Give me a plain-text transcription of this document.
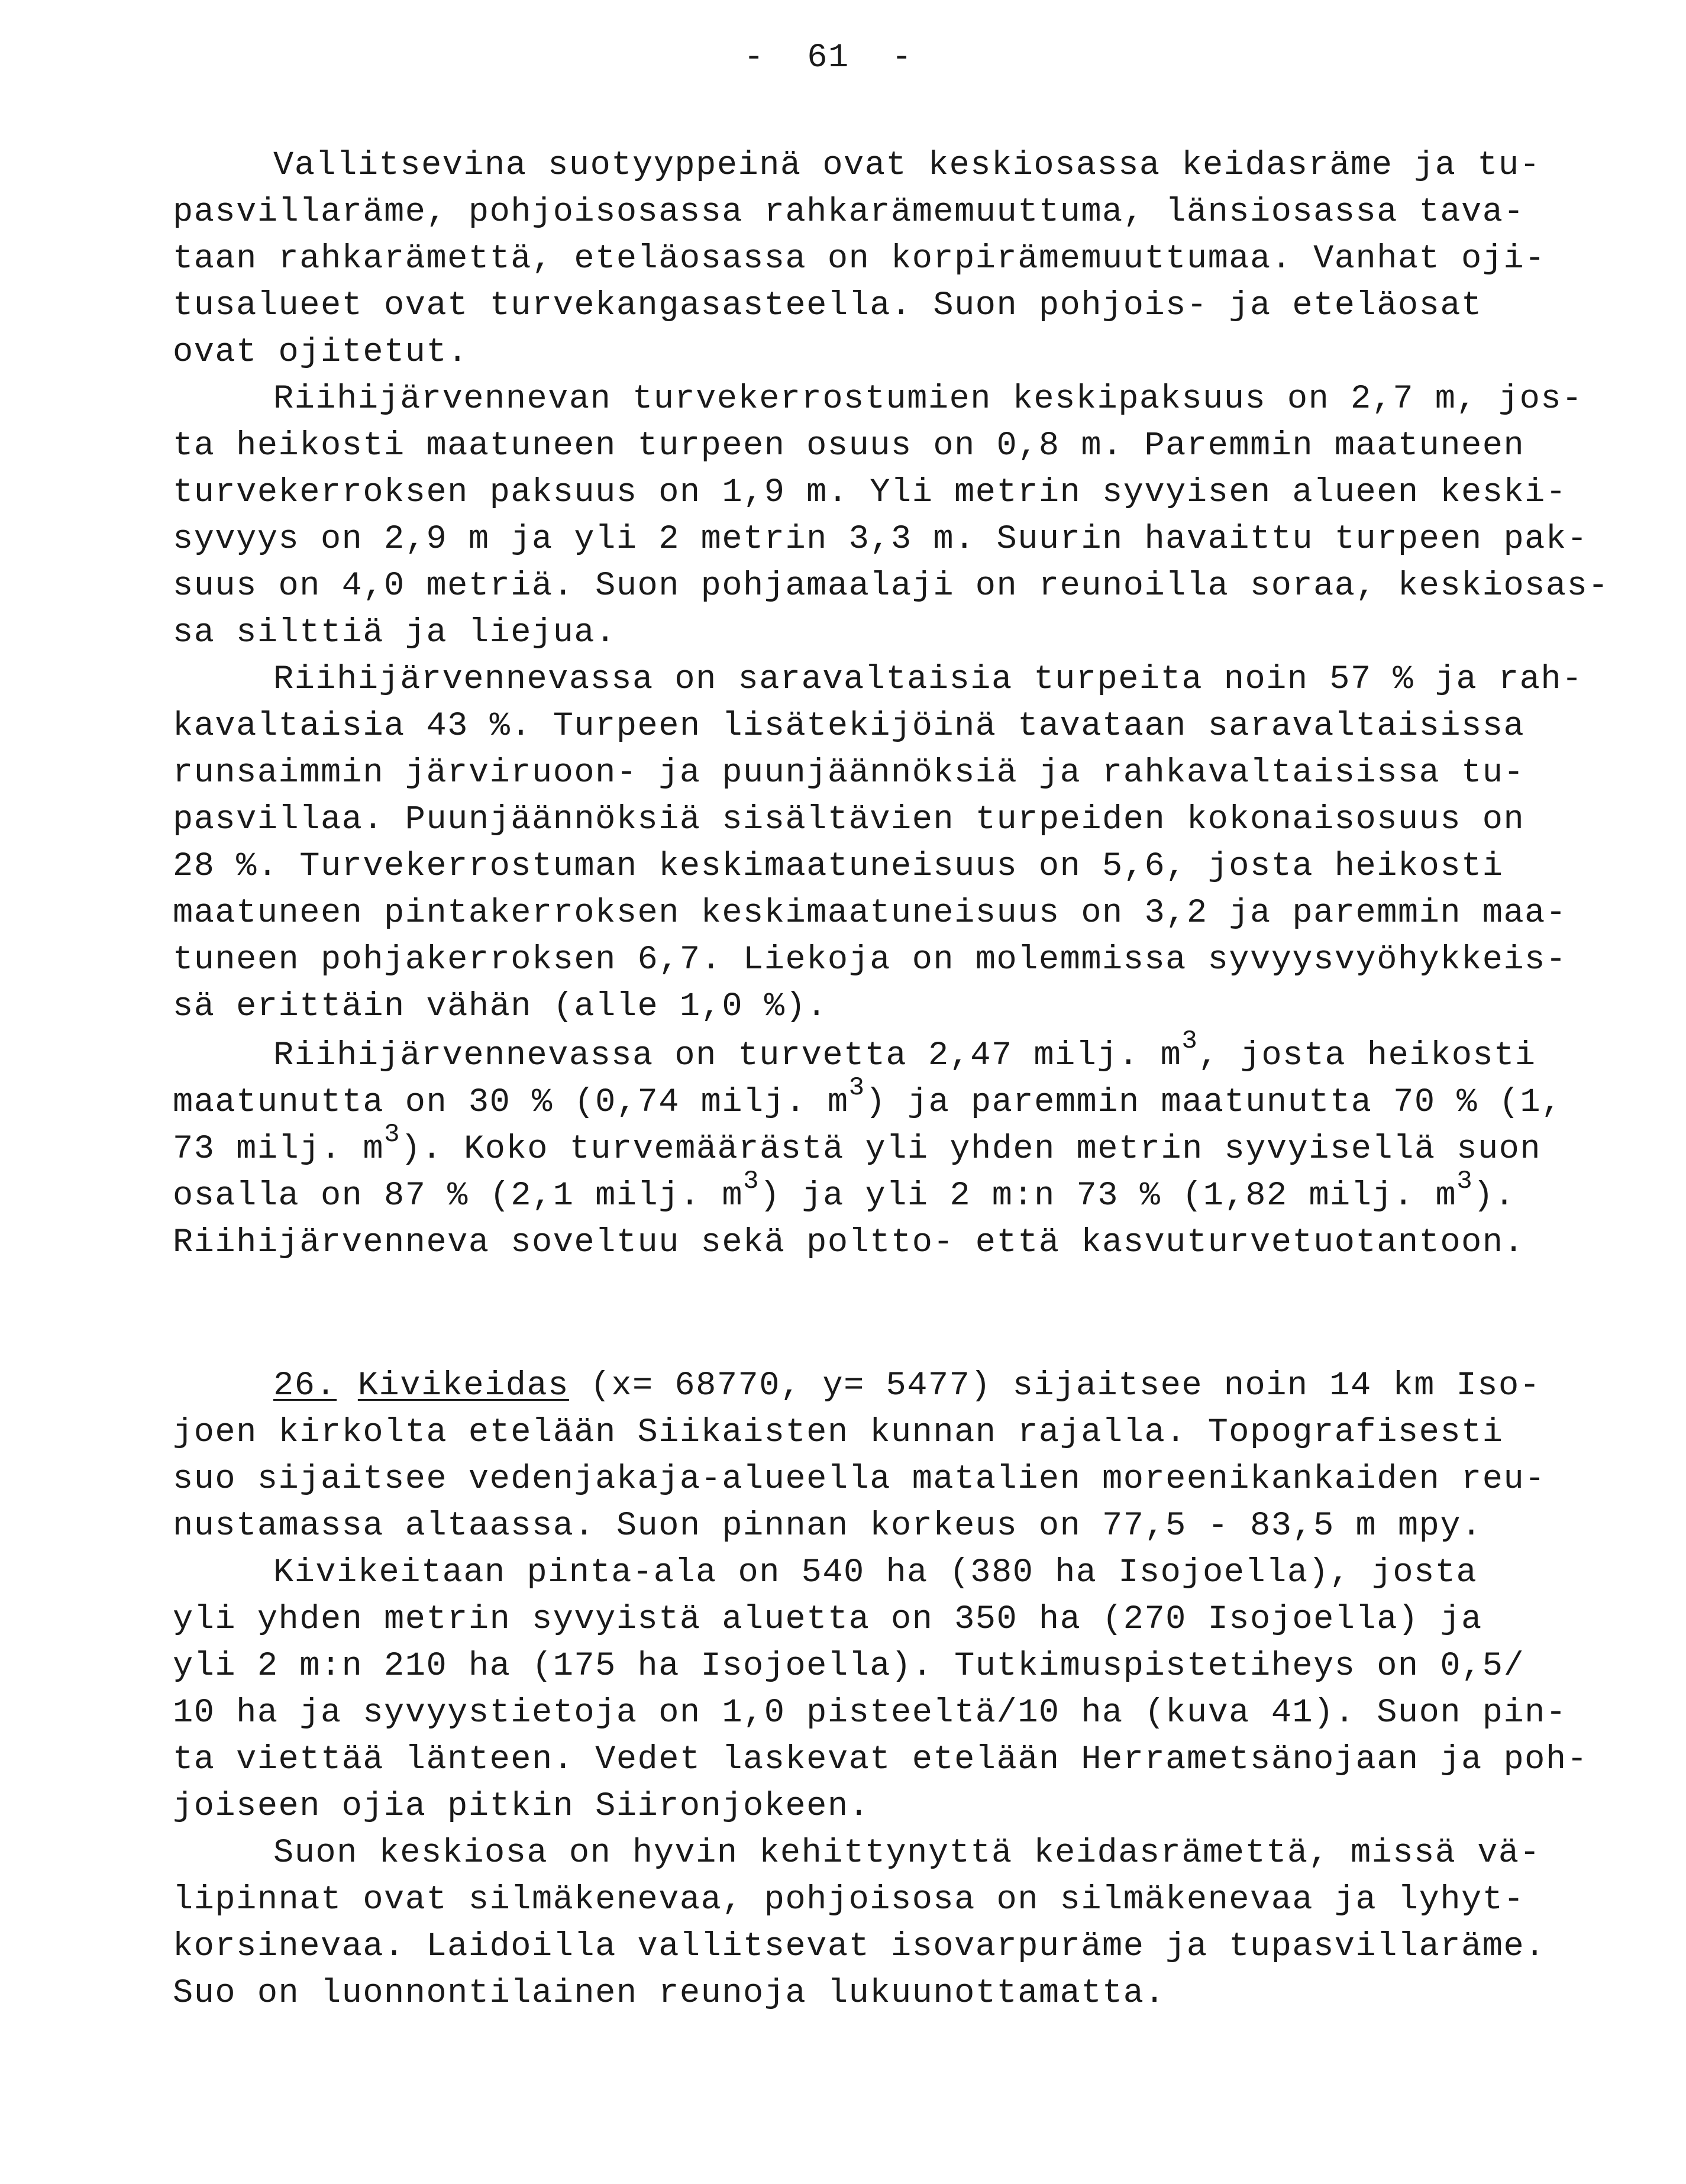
-  61  -
Vallitsevina suotyyppeinä ovat keskiosassa keidasräme ja tu-
pasvillaräme, pohjoisosassa rahkarämemuuttuma, länsiosassa tava-
taan rahkarämettä, eteläosassa on korpirämemuuttumaa. Vanhat oji-
tusalueet ovat turvekangasasteella. Suon pohjois- ja eteläosat
ovat ojitetut.
Riihijärvennevan turvekerrostumien keskipaksuus on 2,7 m, jos-
ta heikosti maatuneen turpeen osuus on 0,8 m. Paremmin maatuneen
turvekerroksen paksuus on 1,9 m. Yli metrin syvyisen alueen keski-
syvyys on 2,9 m ja yli 2 metrin 3,3 m. Suurin havaittu turpeen pak-
suus on 4,0 metriä. Suon pohjamaalaji on reunoilla soraa, keskiosas-
sa silttiä ja liejua.
Riihijärvennevassa on saravaltaisia turpeita noin 57 % ja rah-
kavaltaisia 43 %. Turpeen lisätekijöinä tavataan saravaltaisissa
runsaimmin järviruoon- ja puunjäännöksiä ja rahkavaltaisissa tu-
pasvillaa. Puunjäännöksiä sisältävien turpeiden kokonaisosuus on
28 %. Turvekerrostuman keskimaatuneisuus on 5,6, josta heikosti
maatuneen pintakerroksen keskimaatuneisuus on 3,2 ja paremmin maa-
tuneen pohjakerroksen 6,7. Liekoja on molemmissa syvyysvyöhykkeis-
sä erittäin vähän (alle 1,0 %).
Riihijärvennevassa on turvetta 2,47 milj. $m^3$, josta heikosti
maatunutta on 30 % (0,74 milj. $m^3$) ja paremmin maatunutta 70 % (1,
73 milj. $m^3$). Koko turvemäärästä yli yhden metrin syvyisellä suon
osalla on 87 % (2,1 milj. $m^3$) ja yli 2 m:n 73 % (1,82 milj. $m^3$).
Riihijärvenneva soveltuu sekä poltto- että kasvuturvetuotantoon.
26. Kivikeidas (x= 68770, y= 5477) sijaitsee noin 14 km Iso-
joen kirkolta etelään Siikaisten kunnan rajalla. Topografisesti
suo sijaitsee vedenjakaja-alueella matalien moreenikankaiden reu-
nustamassa altaassa. Suon pinnan korkeus on 77,5 - 83,5 m mpy.
Kivikeitaan pinta-ala on 540 ha (380 ha Isojoella), josta
yli yhden metrin syvyistä aluetta on 350 ha (270 Isojoella) ja
yli 2 m:n 210 ha (175 ha Isojoella). Tutkimuspistetiheys on 0,5/
10 ha ja syvyystietoja on 1,0 pisteeltä/10 ha (kuva 41). Suon pin-
ta viettää länteen. Vedet laskevat etelään Herrametsänojaan ja poh-
joiseen ojia pitkin Siironjokeen.
Suon keskiosa on hyvin kehittynyttä keidasrämettä, missä vä-
lipinnat ovat silmäkenevaa, pohjoisosa on silmäkenevaa ja lyhyt-
korsinevaa. Laidoilla vallitsevat isovarpuräme ja tupasvillaräme.
Suo on luonnontilainen reunoja lukuunottamatta.
